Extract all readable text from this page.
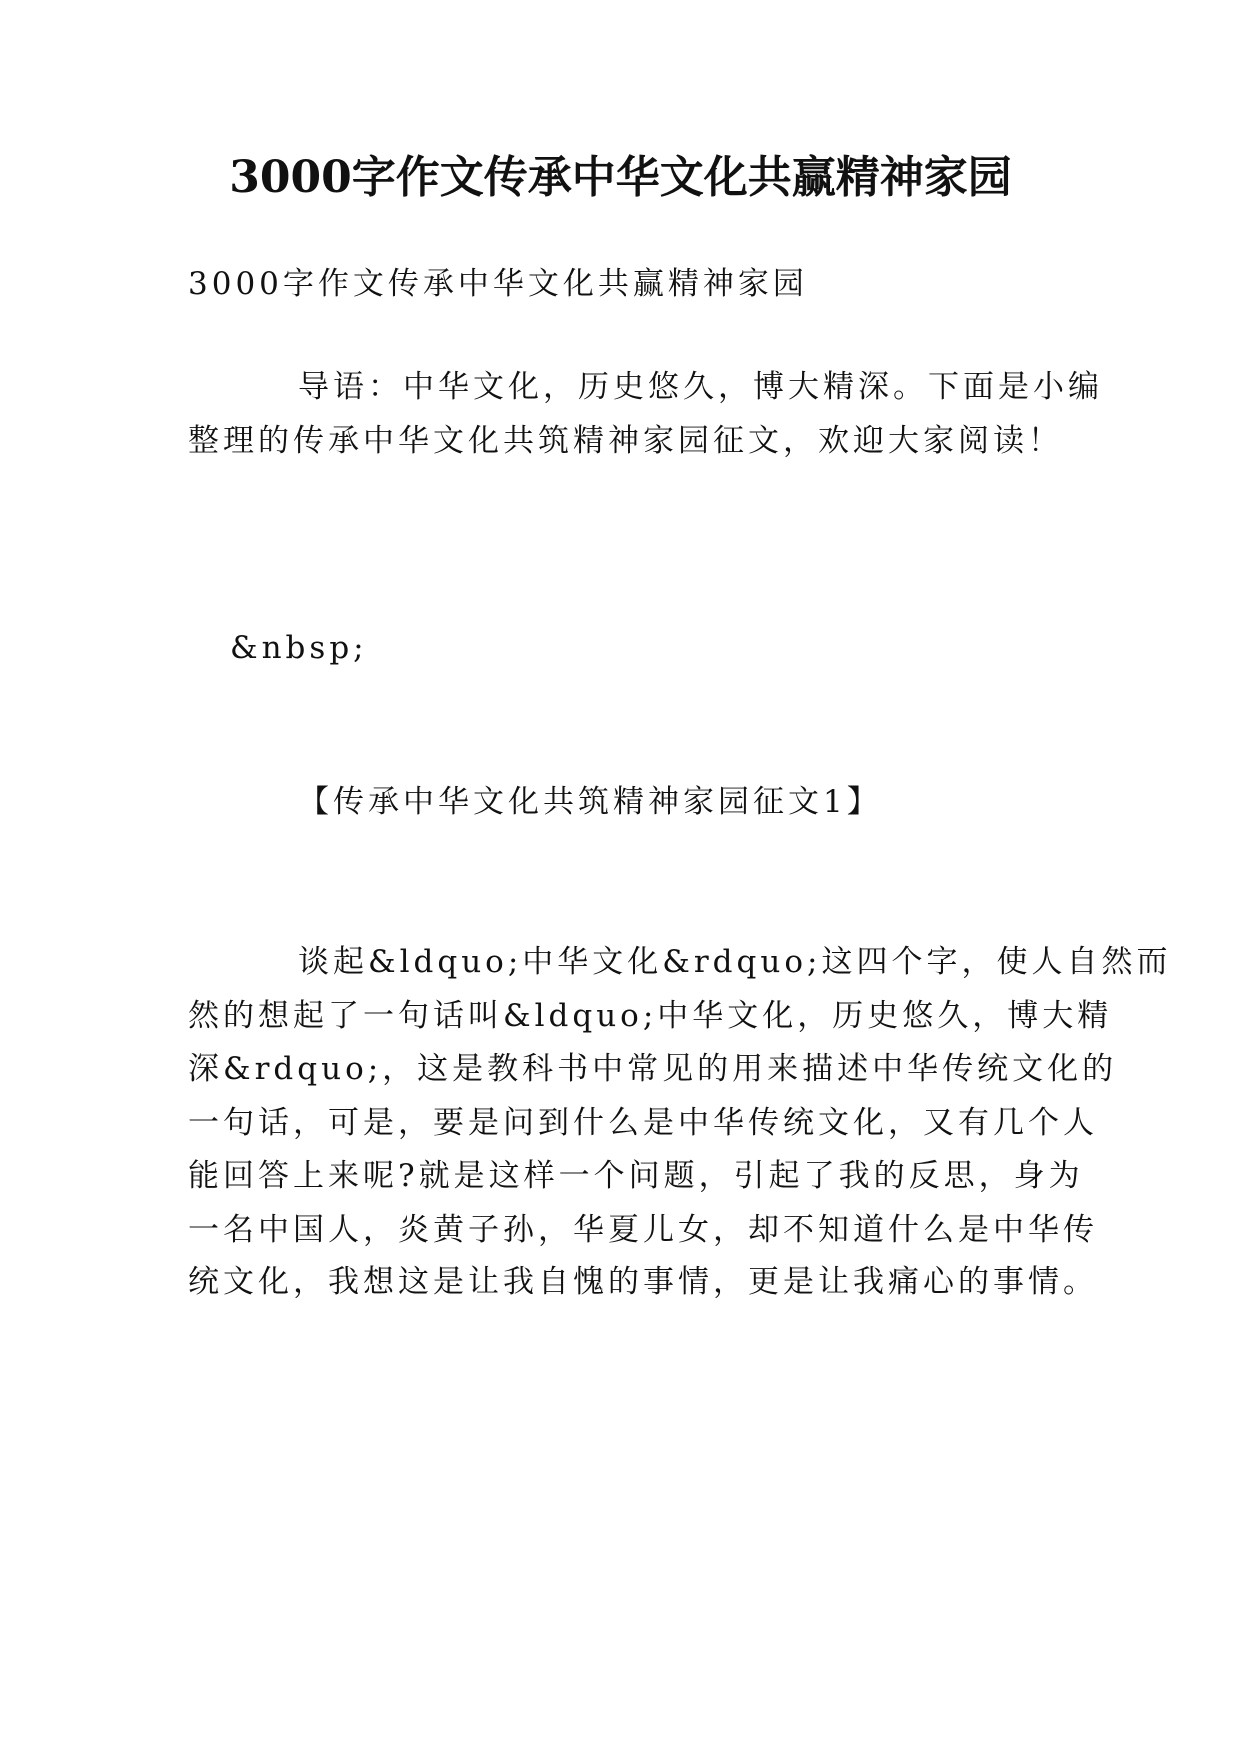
3000字作文传承中华文化共赢精神家园
3000字作文传承中华文化共赢精神家园
导语：中华文化，历史悠久，博大精深。下面是小编
整理的传承中华文化共筑精神家园征文，欢迎大家阅读！
&nbsp;
【传承中华文化共筑精神家园征文1】
谈起&ldquo;中华文化&rdquo;这四个字，使人自然而
然的想起了一句话叫&ldquo;中华文化，历史悠久，博大精
深&rdquo;，这是教科书中常见的用来描述中华传统文化的
一句话，可是，要是问到什么是中华传统文化，又有几个人
能回答上来呢?就是这样一个问题，引起了我的反思，身为
一名中国人，炎黄子孙，华夏儿女，却不知道什么是中华传
统文化，我想这是让我自愧的事情，更是让我痛心的事情。
